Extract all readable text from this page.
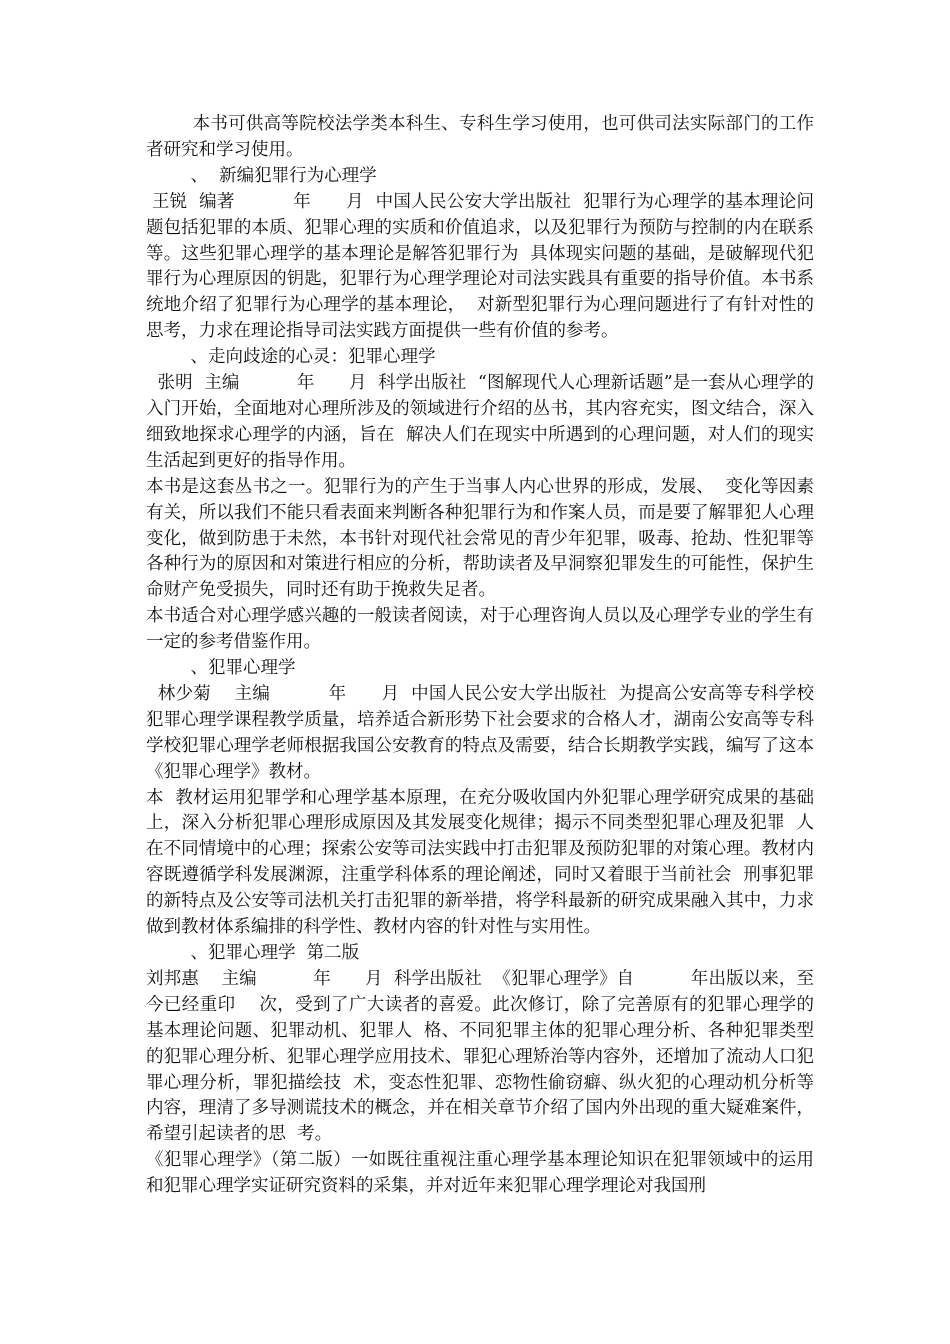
本书可供高等院校法学类本科生、专科生学习使用，也可供司法实际部门的工作者研究和学习使用。

、  新编犯罪行为心理学

王锐  编著          年      月  中国人民公安大学出版社  犯罪行为心理学的基本理论问题包括犯罪的本质、犯罪心理的实质和价值追求，以及犯罪行为预防与控制的内在联系等。这些犯罪心理学的基本理论是解答犯罪行为  具体现实问题的基础，是破解现代犯罪行为心理原因的钥匙，犯罪行为心理学理论对司法实践具有重要的指导价值。本书系统地介绍了犯罪行为心理学的基本理论，  对新型犯罪行为心理问题进行了有针对性的思考，力求在理论指导司法实践方面提供一些有价值的参考。

、走向歧途的心灵：犯罪心理学

张明  主编          年      月  科学出版社  “图解现代人心理新话题”是一套从心理学的入门开始，全面地对心理所涉及的领域进行介绍的丛书，其内容充实，图文结合，深入细致地探求心理学的内涵，旨在  解决人们在现实中所遇到的心理问题，对人们的现实生活起到更好的指导作用。

本书是这套丛书之一。犯罪行为的产生于当事人内心世界的形成，发展、  变化等因素有关，所以我们不能只看表面来判断各种犯罪行为和作案人员，而是要了解罪犯人心理变化，做到防患于未然，本书针对现代社会常见的青少年犯罪，吸毒、抢劫、性犯罪等各种行为的原因和对策进行相应的分析，帮助读者及早洞察犯罪发生的可能性，保护生命财产免受损失，同时还有助于挽救失足者。

本书适合对心理学感兴趣的一般读者阅读，对于心理咨询人员以及心理学专业的学生有一定的参考借鉴作用。

、犯罪心理学

林少菊    主编          年      月  中国人民公安大学出版社  为提高公安高等专科学校犯罪心理学课程教学质量，培养适合新形势下社会要求的合格人才，湖南公安高等专科学校犯罪心理学老师根据我国公安教育的特点及需要，结合长期教学实践，编写了这本《犯罪心理学》教材。

本  教材运用犯罪学和心理学基本原理，在充分吸收国内外犯罪心理学研究成果的基础上，深入分析犯罪心理形成原因及其发展变化规律；揭示不同类型犯罪心理及犯罪  人在不同情境中的心理；探索公安等司法实践中打击犯罪及预防犯罪的对策心理。教材内容既遵循学科发展渊源，注重学科体系的理论阐述，同时又着眼于当前社会  刑事犯罪的新特点及公安等司法机关打击犯罪的新举措，将学科最新的研究成果融入其中，力求做到教材体系编排的科学性、教材内容的针对性与实用性。

、犯罪心理学  第二版

刘邦惠    主编          年      月  科学出版社  《犯罪心理学》自          年出版以来，至今已经重印    次，受到了广大读者的喜爱。此次修订，除了完善原有的犯罪心理学的基本理论问题、犯罪动机、犯罪人  格、不同犯罪主体的犯罪心理分析、各种犯罪类型的犯罪心理分析、犯罪心理学应用技术、罪犯心理矫治等内容外，还增加了流动人口犯罪心理分析，罪犯描绘技  术，变态性犯罪、恋物性偷窃癖、纵火犯的心理动机分析等内容，理清了多导测谎技术的概念，并在相关章节介绍了国内外出现的重大疑难案件，希望引起读者的思  考。

《犯罪心理学》（第二版）一如既往重视注重心理学基本理论知识在犯罪领域中的运用和犯罪心理学实证研究资料的采集，并对近年来犯罪心理学理论对我国刑
